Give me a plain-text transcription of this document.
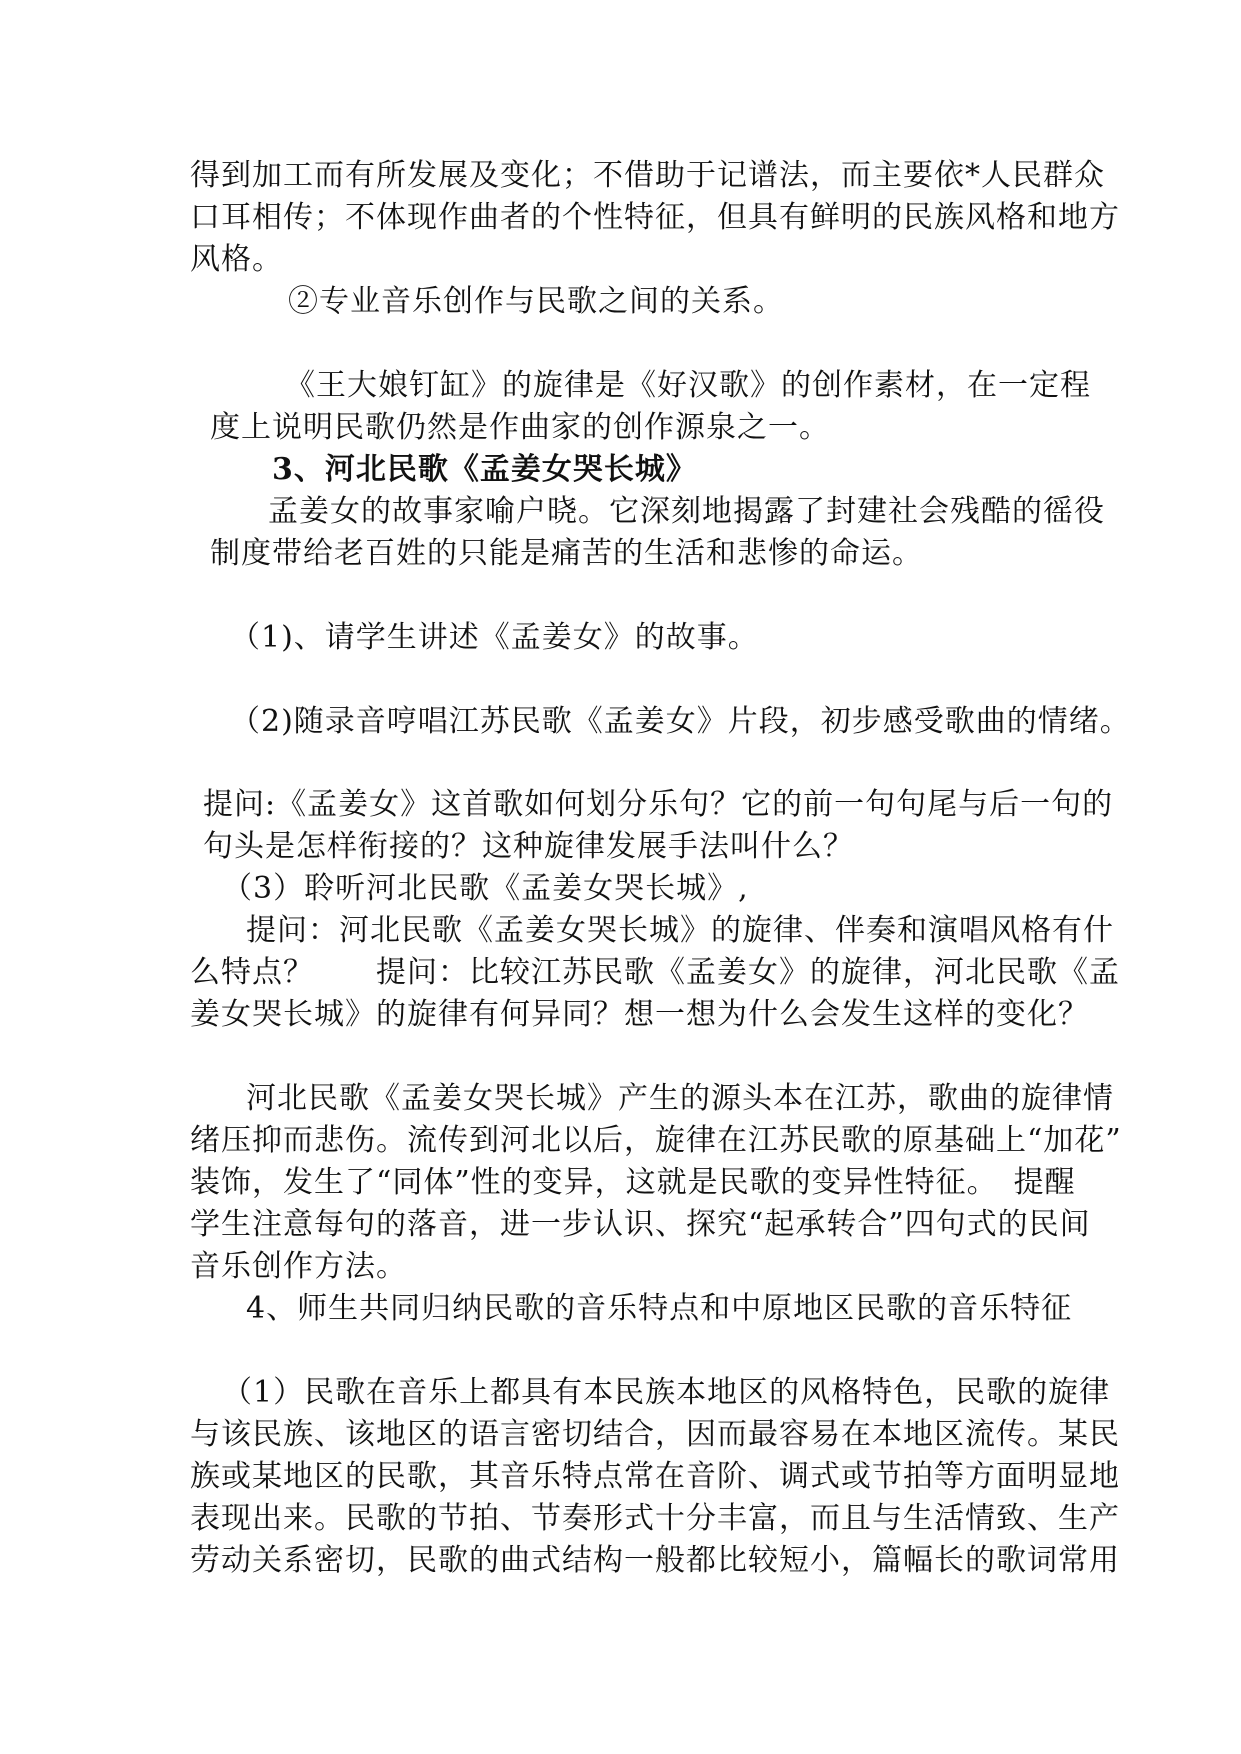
得到加工而有所发展及变化；不借助于记谱法，而主要依*人民群众
口耳相传；不体现作曲者的个性特征，但具有鲜明的民族风格和地方
风格。
②专业音乐创作与民歌之间的关系。
《王大娘钉缸》的旋律是《好汉歌》的创作素材，在一定程
度上说明民歌仍然是作曲家的创作源泉之一。
3、河北民歌《孟姜女哭长城》
孟姜女的故事家喻户晓。它深刻地揭露了封建社会残酷的徭役
制度带给老百姓的只能是痛苦的生活和悲惨的命运。
（1)、请学生讲述《孟姜女》的故事。
（2)随录音哼唱江苏民歌《孟姜女》片段，初步感受歌曲的情绪。
提问:《孟姜女》这首歌如何划分乐句？它的前一句句尾与后一句的
句头是怎样衔接的？这种旋律发展手法叫什么？
（3）聆听河北民歌《孟姜女哭长城》,
提问：河北民歌《孟姜女哭长城》的旋律、伴奏和演唱风格有什
么特点？　　提问：比较江苏民歌《孟姜女》的旋律，河北民歌《孟
姜女哭长城》的旋律有何异同？想一想为什么会发生这样的变化？
河北民歌《孟姜女哭长城》产生的源头本在江苏，歌曲的旋律情
绪压抑而悲伤。流传到河北以后，旋律在江苏民歌的原基础上“加花”
装饰，发生了“同体”性的变异，这就是民歌的变异性特征。　提醒
学生注意每句的落音，进一步认识、探究“起承转合”四句式的民间
音乐创作方法。
4、师生共同归纳民歌的音乐特点和中原地区民歌的音乐特征
（1）民歌在音乐上都具有本民族本地区的风格特色，民歌的旋律
与该民族、该地区的语言密切结合，因而最容易在本地区流传。某民
族或某地区的民歌，其音乐特点常在音阶、调式或节拍等方面明显地
表现出来。民歌的节拍、节奏形式十分丰富，而且与生活情致、生产
劳动关系密切，民歌的曲式结构一般都比较短小，篇幅长的歌词常用
